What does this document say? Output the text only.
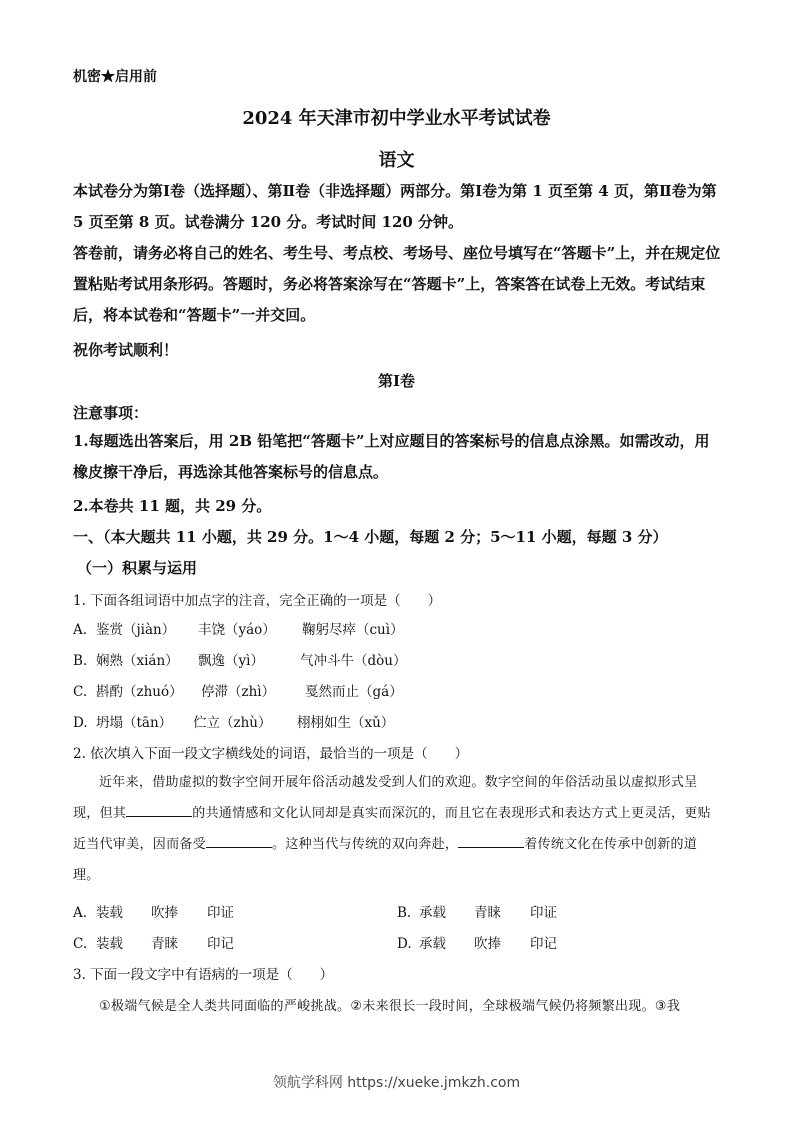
机密★启用前
2024 年天津市初中学业水平考试试卷
语文
本试卷分为第Ⅰ卷（选择题）、第Ⅱ卷（非选择题）两部分。第Ⅰ卷为第 1 页至第 4 页，第Ⅱ卷为第 5 页至第 8 页。试卷满分 120 分。考试时间 120 分钟。
答卷前，请务必将自己的姓名、考生号、考点校、考场号、座位号填写在“答题卡”上，并在规定位置粘贴考试用条形码。答题时，务必将答案涂写在“答题卡”上，答案答在试卷上无效。考试结束后，将本试卷和“答题卡”一并交回。
祝你考试顺利！
第Ⅰ卷
注意事项：
1.每题选出答案后，用 2B 铅笔把“答题卡”上对应题目的答案标号的信息点涂黑。如需改动，用橡皮擦干净后，再选涂其他答案标号的信息点。
2.本卷共 11 题，共 29 分。
一、（本大题共 11 小题，共 29 分。1～4 小题，每题 2 分；5～11 小题，每题 3 分）
（一）积累与运用
1. 下面各组词语中加点字的注音，完全正确的一项是（　　）
A. 鉴赏（jiàn） 丰饶（yáo） 鞠躬尽瘁（cuì）
B. 娴熟（xián） 飘逸（yì）	气冲斗牛（dòu）
C. 斟酌（zhuó） 停滞（zhì） 戛然而止（gá）
D. 坍塌（tān） 伫立（zhù） 栩栩如生（xǔ）
2. 依次填入下面一段文字横线处的词语，最恰当的一项是（　　）
近年来，借助虚拟的数字空间开展年俗活动越发受到人们的欢迎。数字空间的年俗活动虽以虚拟形式呈现，但其	的共通情感和文化认同却是真实而深沉的，而且它在表现形式和表达方式上更灵活，更贴近当代审美，因而备受	。这种当代与传统的双向奔赴，	着传统文化在传承中创新的道理。
A. 装载 吹捧 印证	B. 承载 青睐 印证
C. 装载 青睐 印记	D. 承载 吹捧 印记
3. 下面一段文字中有语病的一项是（　　）
①极端气候是全人类共同面临的严峻挑战。②未来很长一段时间，全球极端气候仍将频繁出现。③我
领航学科网 https://xueke.jmkzh.com
